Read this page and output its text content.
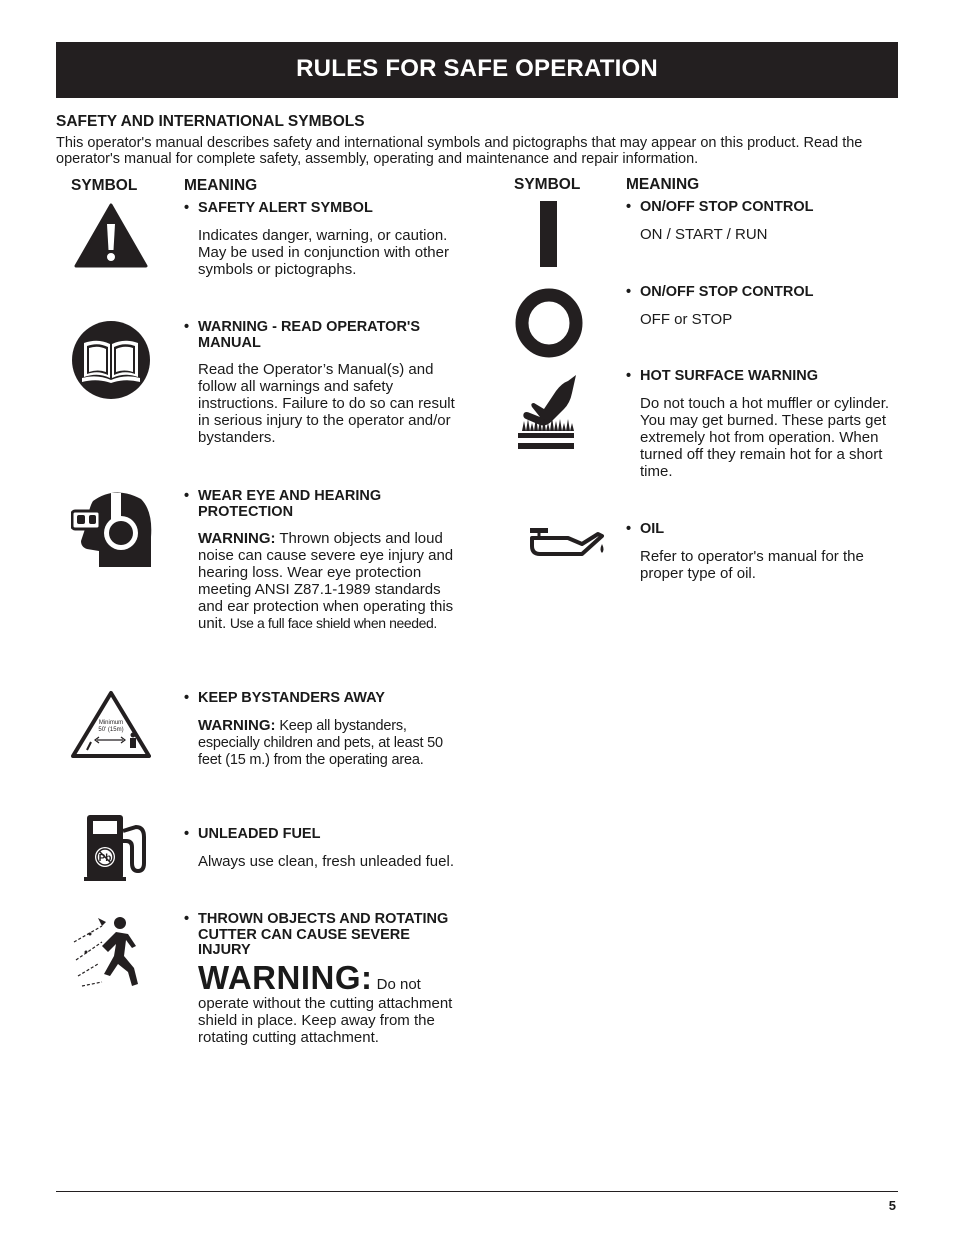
RULES FOR SAFE OPERATION
SAFETY AND INTERNATIONAL SYMBOLS
This operator's manual describes safety and international symbols and pictographs that may appear on this product. Read the operator's manual for complete safety, assembly, operating and maintenance and repair information.
SYMBOL	MEANING	SYMBOL	MEANING
Minimum
50' (15m)
Pb
• SAFETY ALERT SYMBOL
Indicates danger, warning, or caution. May be used in conjunction with other symbols or pictographs.
• WARNING - READ OPERATOR'S MANUAL
Read the Operator’s Manual(s) and follow all warnings and safety instructions. Failure to do so can result in serious injury to the operator and/or bystanders.
• WEAR EYE AND HEARING PROTECTION
WARNING: Thrown objects and loud noise can cause severe eye injury and hearing loss. Wear eye protection meeting ANSI Z87.1-1989 standards and ear protection when operating this unit. Use a full face shield when needed.
• KEEP BYSTANDERS AWAY
WARNING: Keep all bystanders, especially children and pets, at least 50 feet (15 m.) from the operating area.
• UNLEADED FUEL
Always use clean, fresh unleaded fuel.
• THROWN OBJECTS AND ROTATING CUTTER CAN CAUSE SEVERE INJURY
WARNING: Do not operate without the cutting attachment shield in place. Keep away from the rotating cutting attachment.
• ON/OFF STOP CONTROL
ON / START / RUN
• ON/OFF STOP CONTROL
OFF or STOP
• HOT SURFACE WARNING
Do not touch a hot muffler or cylinder. You may get burned. These parts get extremely hot from operation. When turned off they remain hot for a short time.
• OIL
Refer to operator's manual for the proper type of oil.
5
